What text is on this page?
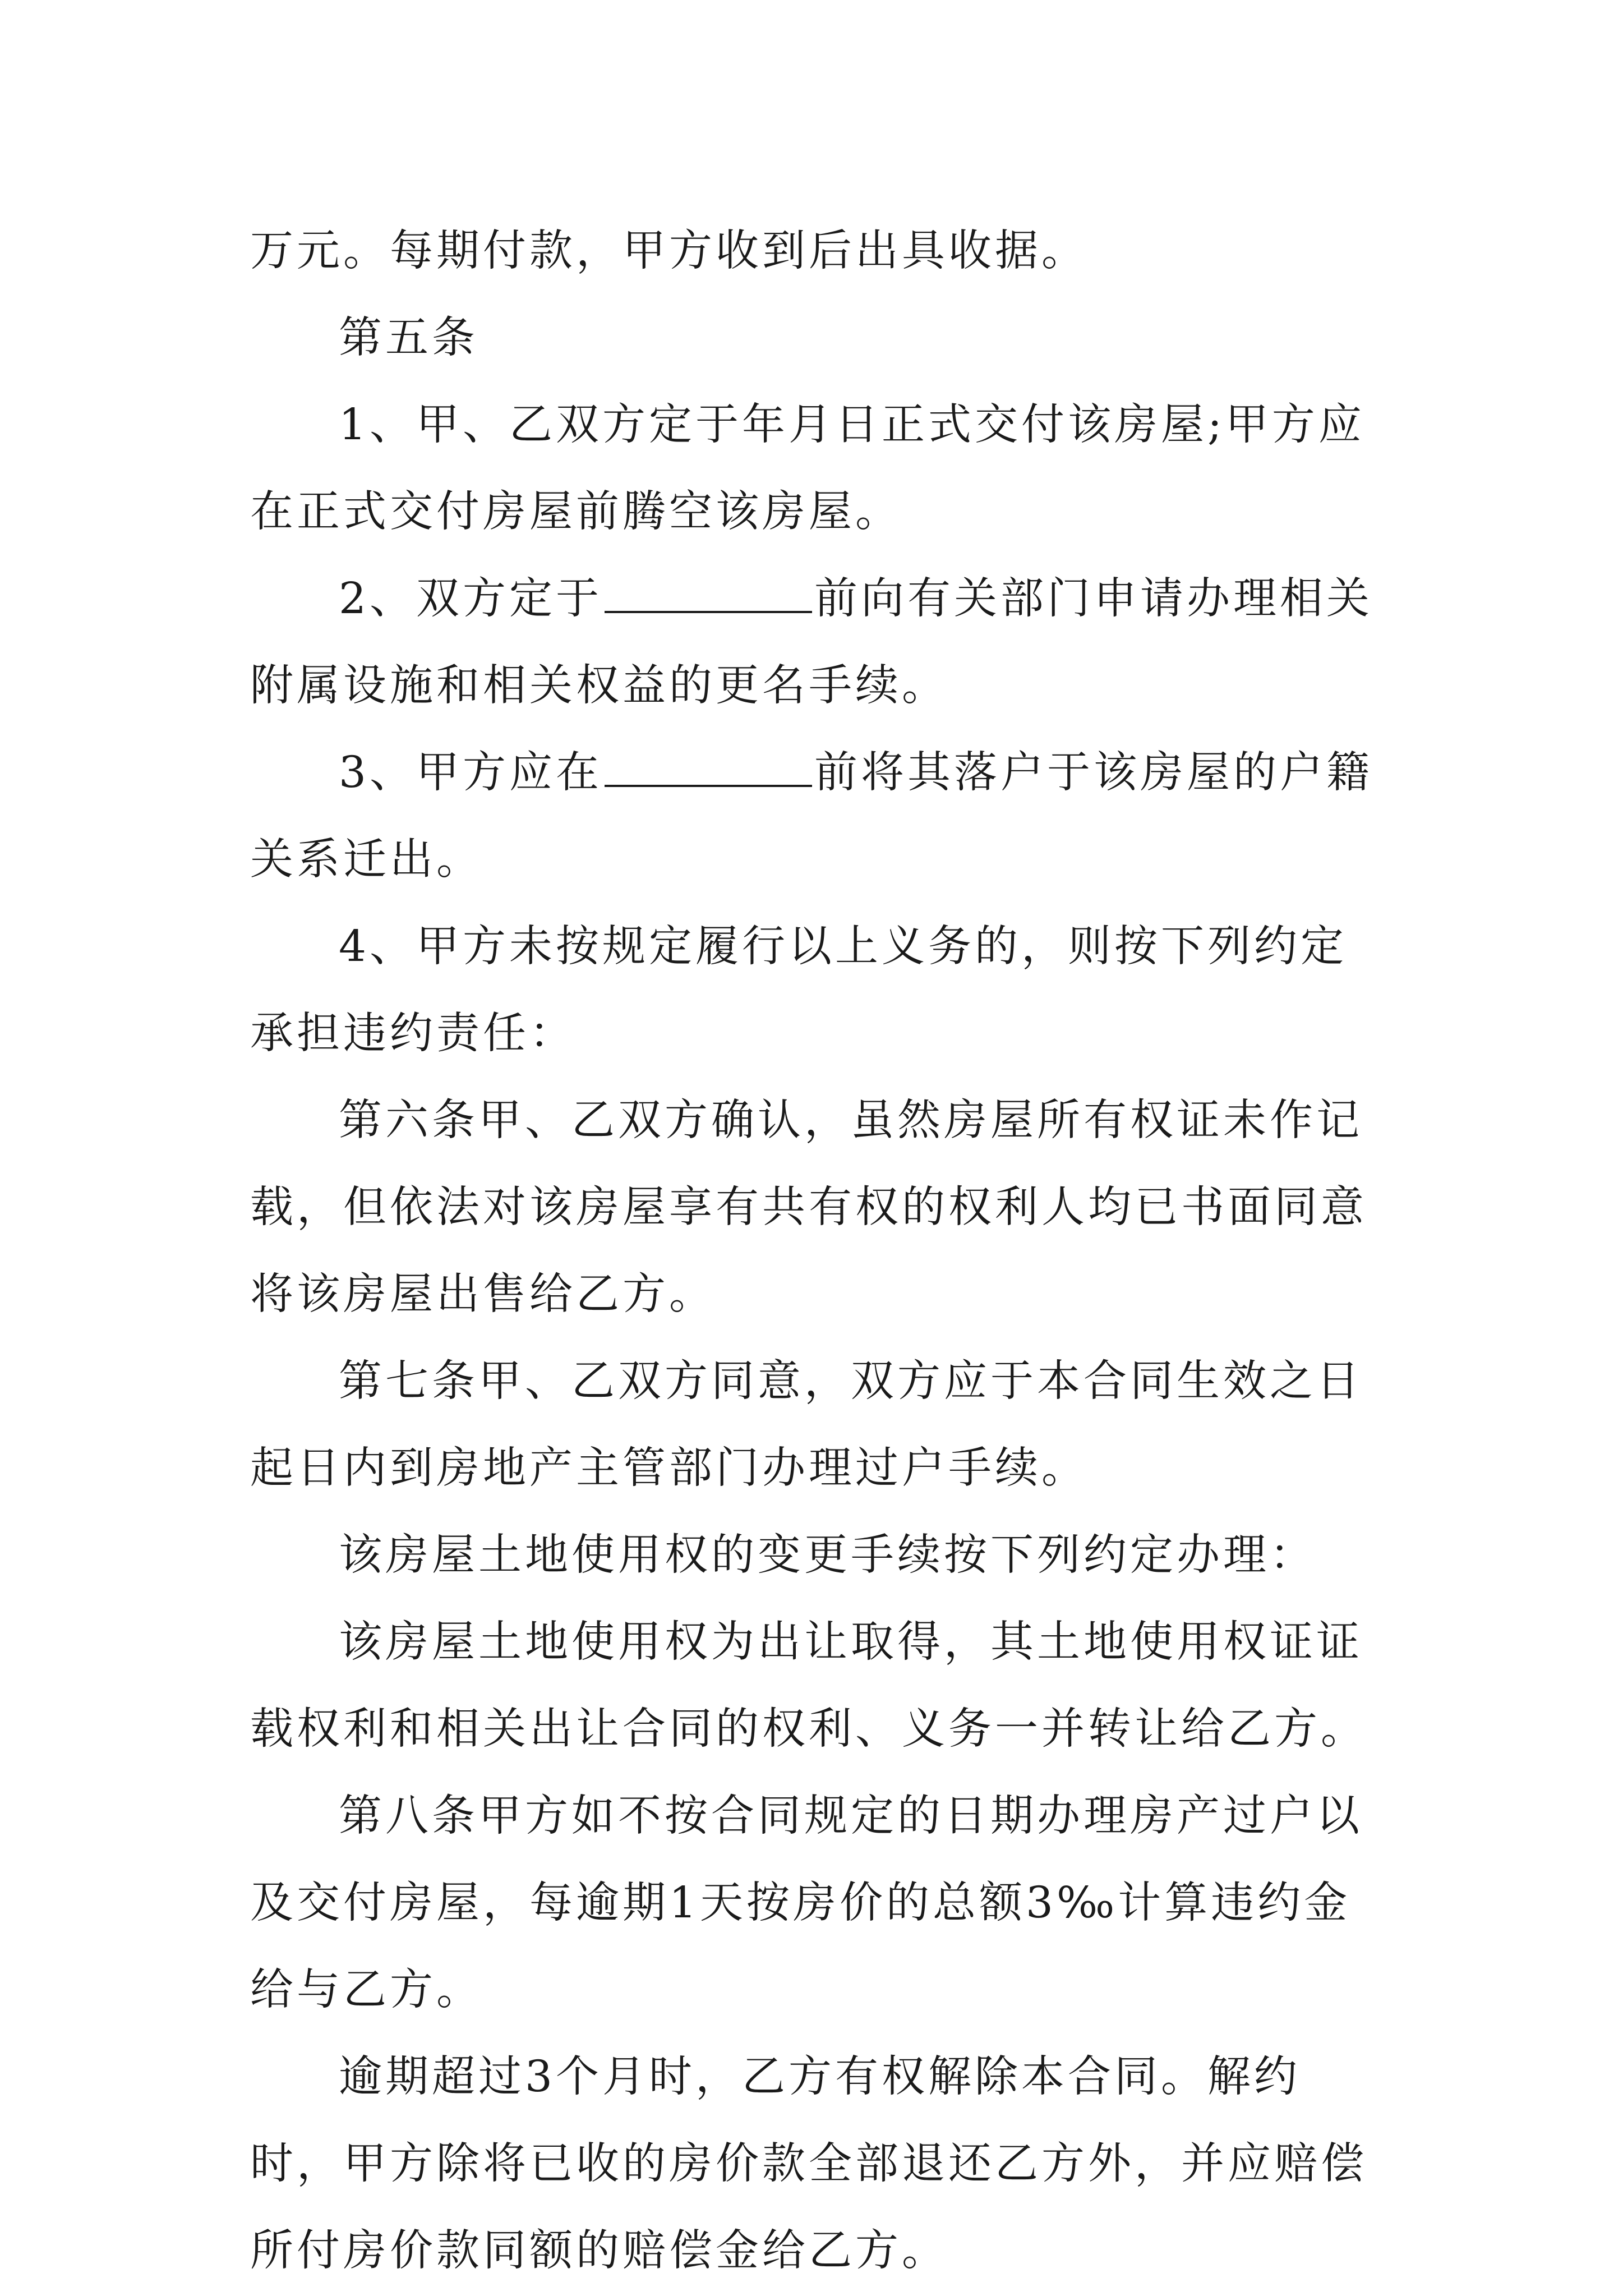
万元。每期付款，甲方收到后出具收据。

第五条

1、甲、乙双方定于年月日正式交付该房屋;甲方应在正式交付房屋前腾空该房屋。

2、双方定于	前向有关部门申请办理相关附属设施和相关权益的更名手续。

3、甲方应在	前将其落户于该房屋的户籍关系迁出。

4、甲方未按规定履行以上义务的，则按下列约定承担违约责任：

第六条甲、乙双方确认，虽然房屋所有权证未作记载，但依法对该房屋享有共有权的权利人均已书面同意将该房屋出售给乙方。

第七条甲、乙双方同意，双方应于本合同生效之日起日内到房地产主管部门办理过户手续。

该房屋土地使用权的变更手续按下列约定办理：

该房屋土地使用权为出让取得，其土地使用权证证载权利和相关出让合同的权利、义务一并转让给乙方。

第八条甲方如不按合同规定的日期办理房产过户以及交付房屋，每逾期1天按房价的总额3‰计算违约金给与乙方。

逾期超过3个月时，乙方有权解除本合同。解约时，甲方除将已收的房价款全部退还乙方外，并应赔偿所付房价款同额的赔偿金给乙方。
